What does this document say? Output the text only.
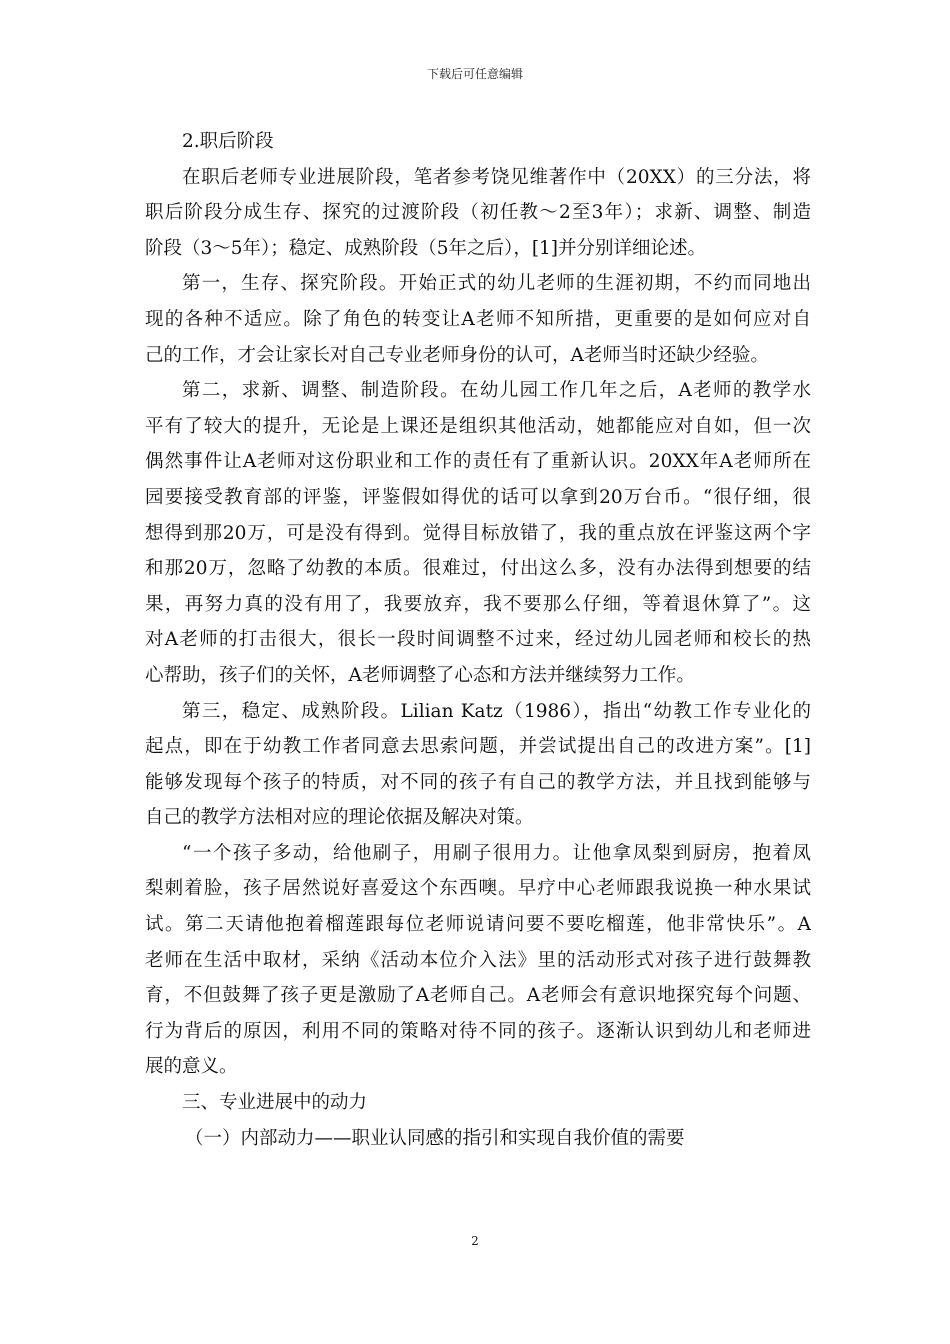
下载后可任意编辑
2.职后阶段
在职后老师专业进展阶段，笔者参考饶见维著作中（20XX）的三分法，将
职后阶段分成生存、探究的过渡阶段（初任教～2至3年）；求新、调整、制造
阶段（3～5年）；稳定、成熟阶段（5年之后），[1]并分别详细论述。
第一，生存、探究阶段。开始正式的幼儿老师的生涯初期，不约而同地出
现的各种不适应。除了角色的转变让A老师不知所措，更重要的是如何应对自
己的工作，才会让家长对自己专业老师身份的认可，A老师当时还缺少经验。
第二，求新、调整、制造阶段。在幼儿园工作几年之后，A老师的教学水
平有了较大的提升，无论是上课还是组织其他活动，她都能应对自如，但一次
偶然事件让A老师对这份职业和工作的责任有了重新认识。20XX年A老师所在
园要接受教育部的评鉴，评鉴假如得优的话可以拿到20万台币。“很仔细，很
想得到那20万，可是没有得到。觉得目标放错了，我的重点放在评鉴这两个字
和那20万，忽略了幼教的本质。很难过，付出这么多，没有办法得到想要的结
果，再努力真的没有用了，我要放弃，我不要那么仔细，等着退休算了”。这
对A老师的打击很大，很长一段时间调整不过来，经过幼儿园老师和校长的热
心帮助，孩子们的关怀，A老师调整了心态和方法并继续努力工作。
第三，稳定、成熟阶段。Lilian Katz（1986），指出“幼教工作专业化的
起点，即在于幼教工作者同意去思索问题，并尝试提出自己的改进方案”。[1]
能够发现每个孩子的特质，对不同的孩子有自己的教学方法，并且找到能够与
自己的教学方法相对应的理论依据及解决对策。
“一个孩子多动，给他刷子，用刷子很用力。让他拿凤梨到厨房，抱着凤
梨刺着脸，孩子居然说好喜爱这个东西噢。早疗中心老师跟我说换一种水果试
试。第二天请他抱着榴莲跟每位老师说请问要不要吃榴莲，他非常快乐”。A
老师在生活中取材，采纳《活动本位介入法》里的活动形式对孩子进行鼓舞教
育，不但鼓舞了孩子更是激励了A老师自己。A老师会有意识地探究每个问题、
行为背后的原因，利用不同的策略对待不同的孩子。逐渐认识到幼儿和老师进
展的意义。
三、专业进展中的动力
（一）内部动力——职业认同感的指引和实现自我价值的需要
2
